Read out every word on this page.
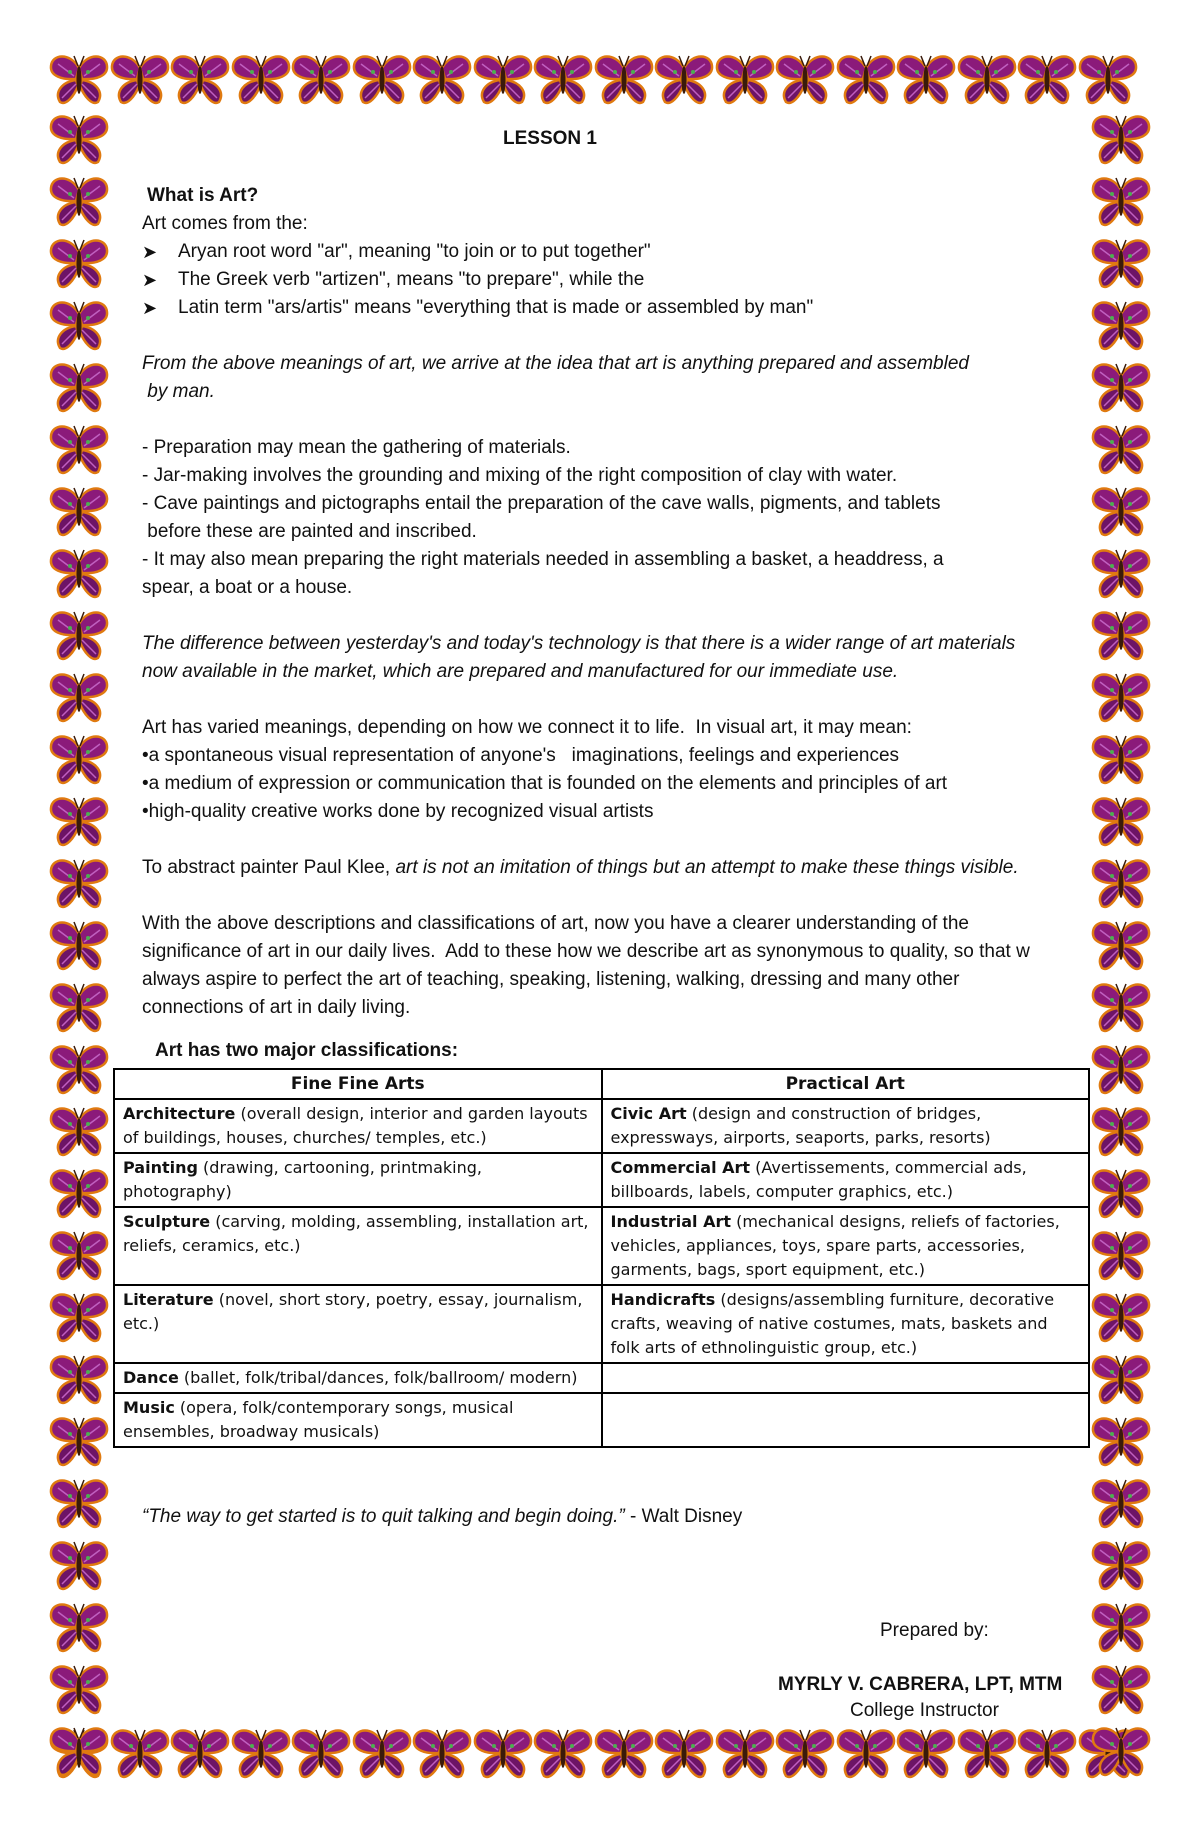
LESSON 1

What is Art?

Art comes from the:

➤	Aryan root word "ar", meaning "to join or to put together"
➤	The Greek verb "artizen", means "to prepare", while the
➤	Latin term "ars/artis" means "everything that is made or assembled by man"

From the above meanings of art, we arrive at the idea that art is anything prepared and assembled

by man.

- Preparation may mean the gathering of materials.

- Jar-making involves the grounding and mixing of the right composition of clay with water.

- Cave paintings and pictographs entail the preparation of the cave walls, pigments, and tablets

before these are painted and inscribed.

- It may also mean preparing the right materials needed in assembling a basket, a headdress, a

spear, a boat or a house.

The difference between yesterday's and today's technology is that there is a wider range of art materials

now available in the market, which are prepared and manufactured for our immediate use.

Art has varied meanings, depending on how we connect it to life.  In visual art, it may mean:

•a spontaneous visual representation of anyone's   imaginations, feelings and experiences

•a medium of expression or communication that is founded on the elements and principles of art

•high-quality creative works done by recognized visual artists

To abstract painter Paul Klee, art is not an imitation of things but an attempt to make these things visible.

With the above descriptions and classifications of art, now you have a clearer understanding of the

significance of art in our daily lives.  Add to these how we describe art as synonymous to quality, so that w

always aspire to perfect the art of teaching, speaking, listening, walking, dressing and many other

connections of art in daily living.

Art has two major classifications:
Fine Fine Arts	Practical Art
Architecture (overall design, interior and garden layouts of buildings, houses, churches/ temples, etc.)	Civic Art (design and construction of bridges, expressways, airports, seaports, parks, resorts)
Painting (drawing, cartooning, printmaking, photography)	Commercial Art (Avertissements, commercial ads, billboards, labels, computer graphics, etc.)
Sculpture (carving, molding, assembling, installation art, reliefs, ceramics, etc.)	Industrial Art (mechanical designs, reliefs of factories, vehicles, appliances, toys, spare parts, accessories, garments, bags, sport equipment, etc.)
Literature (novel, short story, poetry, essay, journalism, etc.)	Handicrafts (designs/assembling furniture, decorative crafts, weaving of native costumes, mats, baskets and folk arts of ethnolinguistic group, etc.)
Dance (ballet, folk/tribal/dances, folk/ballroom/ modern)	
Music (opera, folk/contemporary songs, musical ensembles, broadway musicals)	
“The way to get started is to quit talking and begin doing.” - Walt Disney
Prepared by:
MYRLY V. CABRERA, LPT, MTM
College Instructor
